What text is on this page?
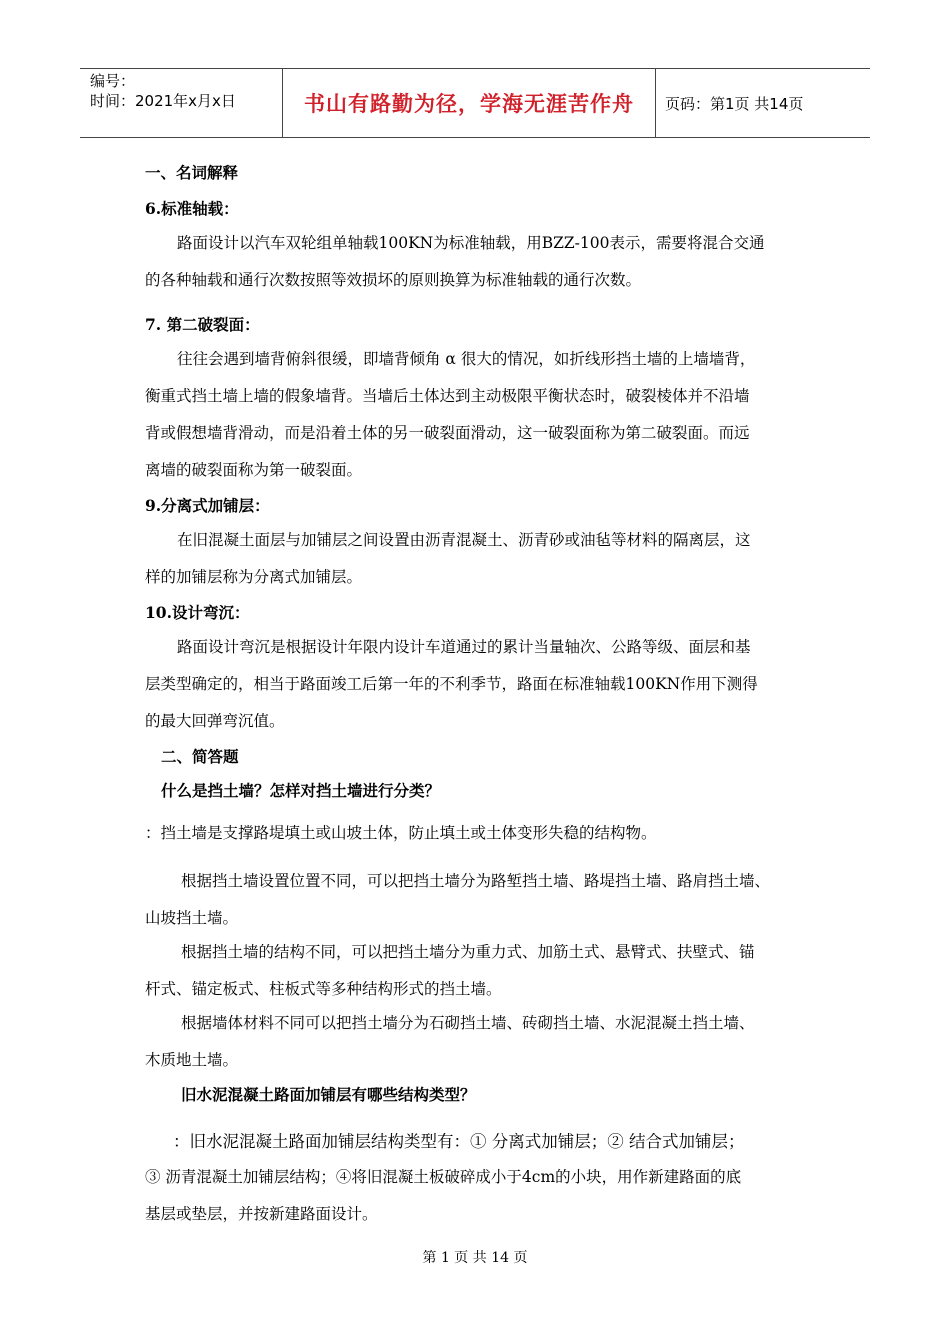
编号：
时间：2021年x月x日	书山有路勤为径，学海无涯苦作舟	页码：第1页 共14页
一、名词解释
6.标准轴载：
路面设计以汽车双轮组单轴载100KN为标准轴载，用BZZ-100表示，需要将混合交通
的各种轴载和通行次数按照等效损坏的原则换算为标准轴载的通行次数。
7. 第二破裂面：
往往会遇到墙背俯斜很缓，即墙背倾角 α 很大的情况，如折线形挡土墙的上墙墙背，
衡重式挡土墙上墙的假象墙背。当墙后土体达到主动极限平衡状态时，破裂棱体并不沿墙
背或假想墙背滑动，而是沿着土体的另一破裂面滑动，这一破裂面称为第二破裂面。而远
离墙的破裂面称为第一破裂面。
9.分离式加铺层：
在旧混凝土面层与加铺层之间设置由沥青混凝土、沥青砂或油毡等材料的隔离层，这
样的加铺层称为分离式加铺层。
10.设计弯沉：
路面设计弯沉是根据设计年限内设计车道通过的累计当量轴次、公路等级、面层和基
层类型确定的，相当于路面竣工后第一年的不利季节，路面在标准轴载100KN作用下测得
的最大回弹弯沉值。
二、简答题
什么是挡土墙？怎样对挡土墙进行分类？
：挡土墙是支撑路堤填土或山坡土体，防止填土或土体变形失稳的结构物。
根据挡土墙设置位置不同，可以把挡土墙分为路堑挡土墙、路堤挡土墙、路肩挡土墙、
山坡挡土墙。
根据挡土墙的结构不同，可以把挡土墙分为重力式、加筋土式、悬臂式、扶壁式、锚
杆式、锚定板式、柱板式等多种结构形式的挡土墙。
根据墙体材料不同可以把挡土墙分为石砌挡土墙、砖砌挡土墙、水泥混凝土挡土墙、
木质地土墙。
旧水泥混凝土路面加铺层有哪些结构类型？
：旧水泥混凝土路面加铺层结构类型有：① 分离式加铺层；② 结合式加铺层；
③ 沥青混凝土加铺层结构；④将旧混凝土板破碎成小于4cm的小块，用作新建路面的底
基层或垫层，并按新建路面设计。
第 1 页 共 14 页
